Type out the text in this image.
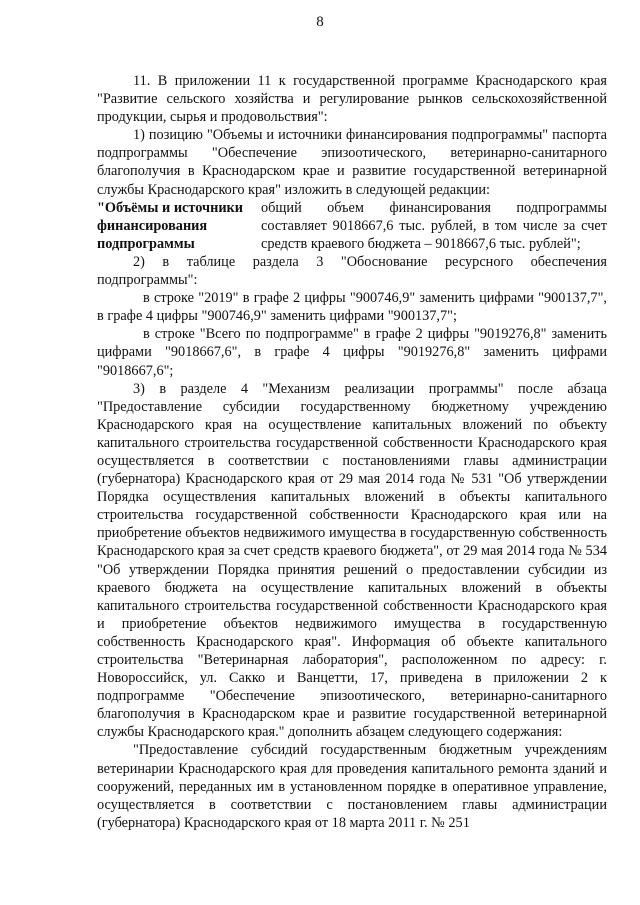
8

11. В приложении 11 к государственной программе Краснодарского края "Развитие сельского хозяйства и регулирование рынков сельскохозяйственной продукции, сырья и продовольствия":

1) позицию "Объемы и источники финансирования подпрограммы" паспорта подпрограммы "Обеспечение эпизоотического, ветеринарно-санитарного благополучия в Краснодарском крае и развитие государственной ветеринарной службы Краснодарского края" изложить в следующей редакции:

"Объёмы и источники финансирования подпрограммы
общий объем финансирования подпрограммы составляет 9018667,6 тыс. рублей, в том числе за счет средств краевого бюджета – 9018667,6 тыс. рублей";

2) в таблице раздела 3 "Обоснование ресурсного обеспечения подпрограммы":

в строке "2019" в графе 2 цифры "900746,9" заменить цифрами "900137,7", в графе 4 цифры "900746,9" заменить цифрами "900137,7";

в строке "Всего по подпрограмме" в графе 2 цифры "9019276,8" заменить цифрами "9018667,6", в графе 4 цифры "9019276,8" заменить цифрами "9018667,6";

3) в разделе 4 "Механизм реализации программы" после абзаца "Предоставление субсидии государственному бюджетному учреждению Краснодарского края на осуществление капитальных вложений по объекту капитального строительства государственной собственности Краснодарского края осуществляется в соответствии с постановлениями главы администрации (губернатора) Краснодарского края от 29 мая 2014 года № 531 "Об утверждении Порядка осуществления капитальных вложений в объекты капитального строительства государственной собственности Краснодарского края или на приобретение объектов недвижимого имущества в государственную собственность Краснодарского края за счет средств краевого бюджета", от 29 мая 2014 года № 534 "Об утверждении Порядка принятия решений о предоставлении субсидии из краевого бюджета на осуществление капитальных вложений в объекты капитального строительства государственной собственности Краснодарского края и приобретение объектов недвижимого имущества в государственную собственность Краснодарского края". Информация об объекте капитального строительства "Ветеринарная лаборатория", расположенном по адресу: г. Новороссийск, ул. Сакко и Ванцетти, 17, приведена в приложении 2 к подпрограмме "Обеспечение эпизоотического, ветеринарно-санитарного благополучия в Краснодарском крае и развитие государственной ветеринарной службы Краснодарского края." дополнить абзацем следующего содержания:

"Предоставление субсидий государственным бюджетным учреждениям ветеринарии Краснодарского края для проведения капитального ремонта зданий и сооружений, переданных им в установленном порядке в оперативное управление, осуществляется в соответствии с постановлением главы администрации (губернатора) Краснодарского края от 18 марта 2011 г. № 251
